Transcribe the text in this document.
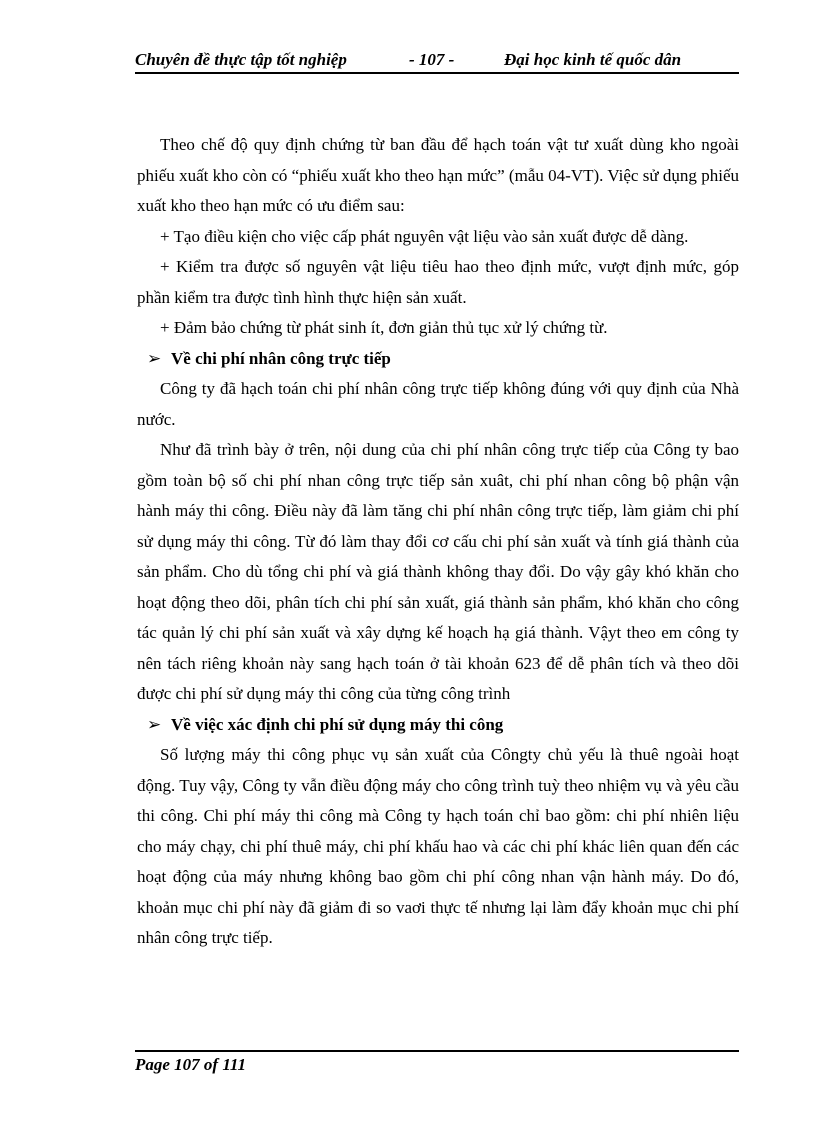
Chuyên đề thực tập tốt nghiệp	- 107 -	Đại học kinh tế quốc dân

Theo chế độ quy định chứng từ ban đầu để hạch toán vật tư xuất dùng kho ngoài phiếu xuất kho còn có “phiếu xuất kho theo hạn mức” (mẫu 04-VT). Việc sử dụng phiếu xuất kho theo hạn mức có ưu điểm sau:

+ Tạo điều kiện cho việc cấp phát nguyên vật liệu vào sản xuất được dễ dàng.

+ Kiểm tra được số nguyên vật liệu tiêu hao theo định mức, vượt định mức, góp phần kiểm tra được tình hình thực hiện sản xuất.

+ Đảm bảo chứng từ phát sinh ít, đơn giản thủ tục xử lý chứng từ.

➢ Về chi phí nhân công trực tiếp

Công ty đã hạch toán chi phí nhân công trực tiếp không đúng với quy định của Nhà nước.

Như đã trình bày ở trên, nội dung của chi phí nhân công trực tiếp của Công ty bao gồm toàn bộ số chi phí nhan công trực tiếp sản xuât, chi phí nhan công bộ phận vận hành máy thi công. Điều này đã làm tăng chi phí nhân công trực tiếp, làm giảm chi phí sử dụng máy thi công. Từ đó làm thay đổi cơ cấu chi phí sản xuất và tính giá thành của sản phẩm. Cho dù tổng chi phí và giá thành không thay đổi. Do vậy gây khó khăn cho hoạt động theo dõi, phân tích chi phí sản xuất, giá thành sản phẩm, khó khăn cho công tác quản lý chi phí sản xuất và xây dựng kế hoạch hạ giá thành. Vậyt theo em công ty nên tách riêng khoản này sang hạch toán ở tài khoản 623 để dễ phân tích và theo dõi được chi phí sử dụng máy thi công của từng công trình

➢ Về việc xác định chi phí sử dụng máy thi công

Số lượng máy thi công phục vụ sản xuất của Côngty chủ yếu là thuê ngoài hoạt động. Tuy vậy, Công ty vẫn điều động máy cho công trình tuỳ theo nhiệm vụ và yêu cầu thi công. Chi phí máy thi công mà Công ty hạch toán chỉ bao gồm: chi phí nhiên liệu cho máy chạy, chi phí thuê máy, chi phí khấu hao và các chi phí khác liên quan đến các hoạt động của máy nhưng không bao gồm chi phí công nhan vận hành máy. Do đó, khoản mục chi phí này đã giảm đi so vaơi thực tế nhưng lại làm đẩy khoản mục chi phí nhân công trực tiếp.

Page 107 of 111
